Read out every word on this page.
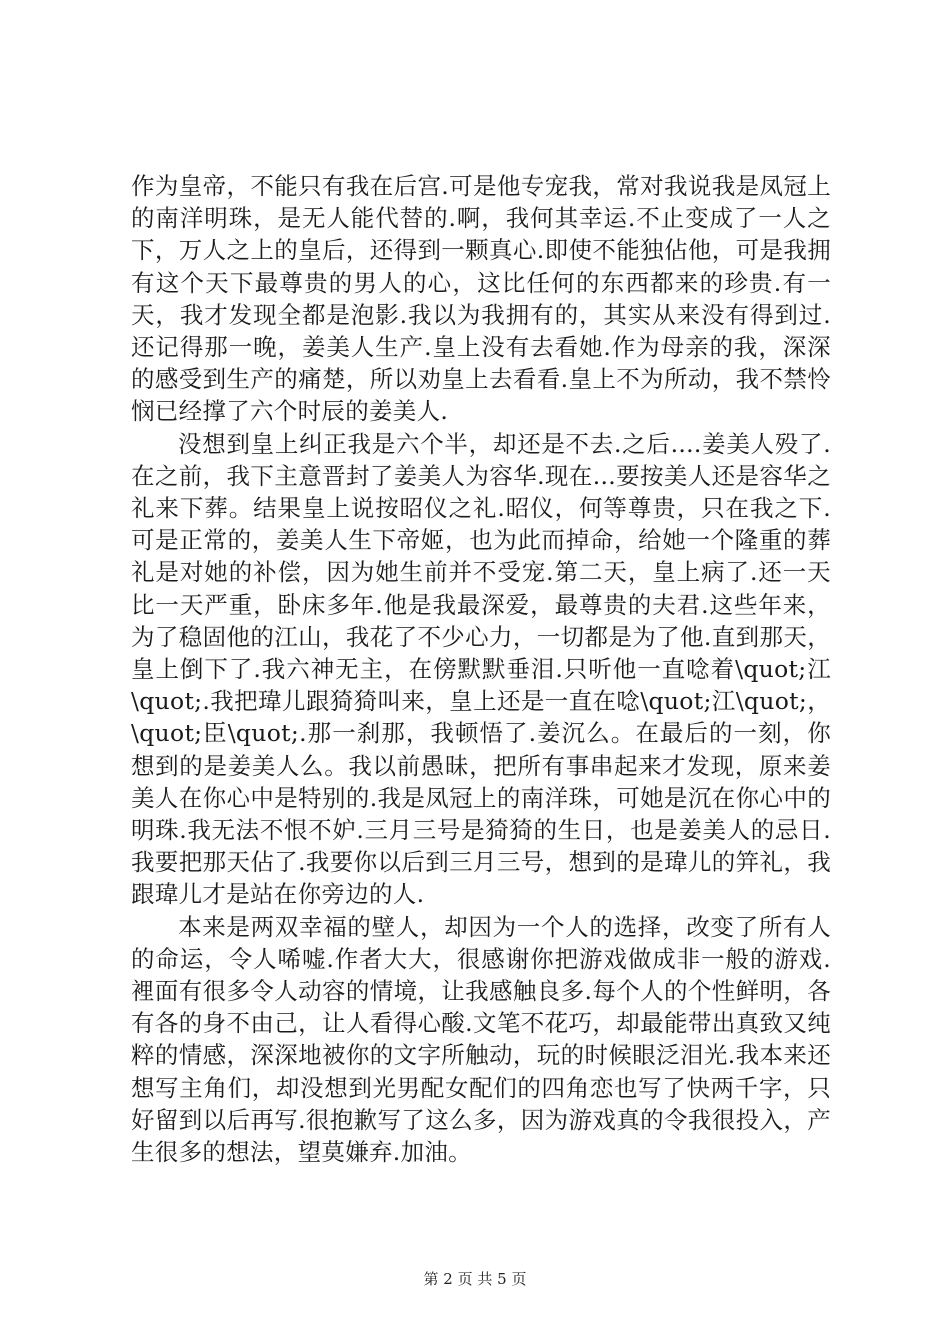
作为皇帝，不能只有我在后宫.可是他专宠我，常对我说我是凤冠上的南洋明珠，是无人能代替的.啊，我何其幸运.不止变成了一人之下，万人之上的皇后，还得到一颗真心.即使不能独佔他，可是我拥有这个天下最尊贵的男人的心，这比任何的东西都来的珍贵.有一天，我才发现全都是泡影.我以为我拥有的，其实从来没有得到过.还记得那一晚，姜美人生产.皇上没有去看她.作为母亲的我，深深的感受到生产的痛楚，所以劝皇上去看看.皇上不为所动，我不禁怜悯已经撑了六个时辰的姜美人.

没想到皇上纠正我是六个半，却还是不去.之后....姜美人殁了.在之前，我下主意晋封了姜美人为容华.现在...要按美人还是容华之礼来下葬。结果皇上说按昭仪之礼.昭仪，何等尊贵，只在我之下.可是正常的，姜美人生下帝姬，也为此而掉命，给她一个隆重的葬礼是对她的补偿，因为她生前并不受宠.第二天，皇上病了.还一天比一天严重，卧床多年.他是我最深爱，最尊贵的夫君.这些年来，为了稳固他的江山，我花了不少心力，一切都是为了他.直到那天，皇上倒下了.我六神无主，在傍默默垂泪.只听他一直唸着\quot;江\quot;.我把瑋儿跟猗猗叫来，皇上还是一直在唸\quot;江\quot;，\quot;臣\quot;.那一刹那，我顿悟了.姜沉么。在最后的一刻，你想到的是姜美人么。我以前愚昧，把所有事串起来才发现，原来姜美人在你心中是特别的.我是凤冠上的南洋珠，可她是沉在你心中的明珠.我无法不恨不妒.三月三号是猗猗的生日，也是姜美人的忌日.我要把那天佔了.我要你以后到三月三号，想到的是瑋儿的笄礼，我跟瑋儿才是站在你旁边的人.

本来是两双幸福的壁人，却因为一个人的选择，改变了所有人的命运，令人唏嘘.作者大大，很感谢你把游戏做成非一般的游戏.裡面有很多令人动容的情境，让我感触良多.每个人的个性鲜明，各有各的身不由己，让人看得心酸.文笔不花巧，却最能带出真致又纯粹的情感，深深地被你的文字所触动，玩的时候眼泛泪光.我本来还想写主角们，却没想到光男配女配们的四角恋也写了快两千字，只好留到以后再写.很抱歉写了这么多，因为游戏真的令我很投入，产生很多的想法，望莫嫌弃.加油。

第 2 页 共 5 页
